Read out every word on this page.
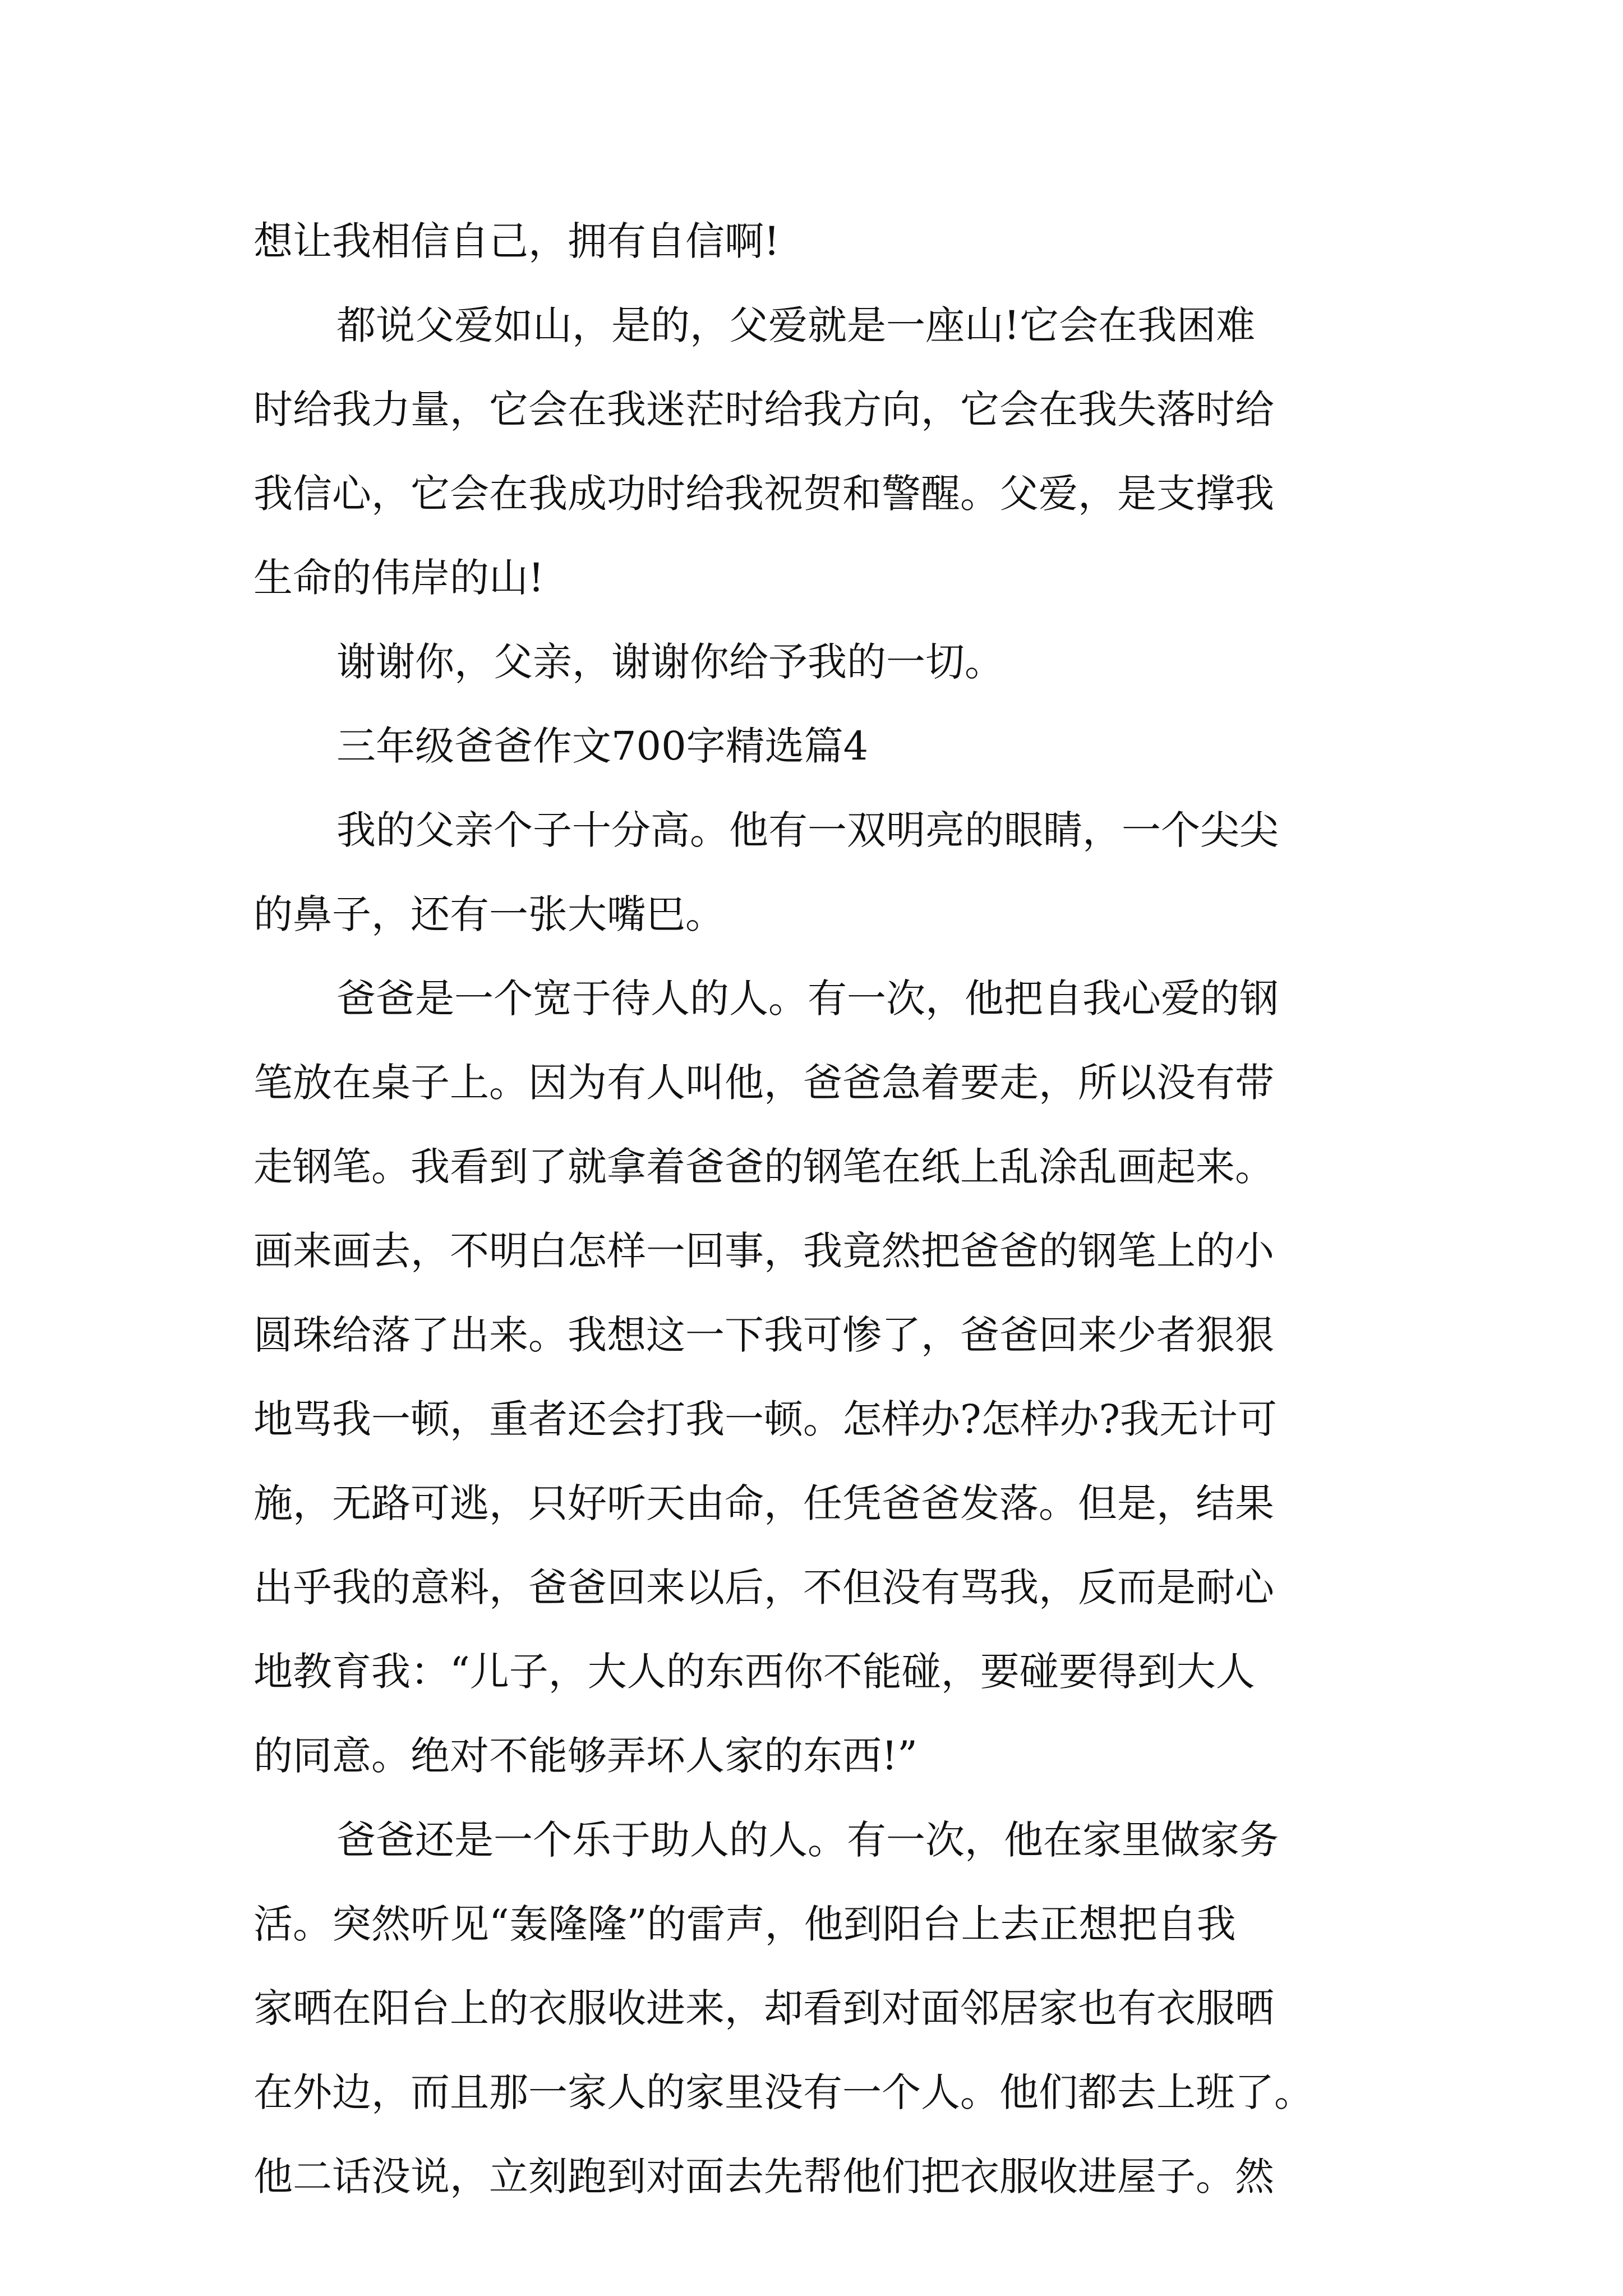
想让我相信自己，拥有自信啊!
都说父爱如山，是的，父爱就是一座山!它会在我困难
时给我力量，它会在我迷茫时给我方向，它会在我失落时给
我信心，它会在我成功时给我祝贺和警醒。父爱，是支撑我
生命的伟岸的山!
谢谢你，父亲，谢谢你给予我的一切。
三年级爸爸作文700字精选篇4
我的父亲个子十分高。他有一双明亮的眼睛，一个尖尖
的鼻子，还有一张大嘴巴。
爸爸是一个宽于待人的人。有一次，他把自我心爱的钢
笔放在桌子上。因为有人叫他，爸爸急着要走，所以没有带
走钢笔。我看到了就拿着爸爸的钢笔在纸上乱涂乱画起来。
画来画去，不明白怎样一回事，我竟然把爸爸的钢笔上的小
圆珠给落了出来。我想这一下我可惨了，爸爸回来少者狠狠
地骂我一顿，重者还会打我一顿。怎样办?怎样办?我无计可
施，无路可逃，只好听天由命，任凭爸爸发落。但是，结果
出乎我的意料，爸爸回来以后，不但没有骂我，反而是耐心
地教育我：“儿子，大人的东西你不能碰，要碰要得到大人
的同意。绝对不能够弄坏人家的东西!”
爸爸还是一个乐于助人的人。有一次，他在家里做家务
活。突然听见“轰隆隆”的雷声，他到阳台上去正想把自我
家晒在阳台上的衣服收进来，却看到对面邻居家也有衣服晒
在外边，而且那一家人的家里没有一个人。他们都去上班了。
他二话没说，立刻跑到对面去先帮他们把衣服收进屋子。然
